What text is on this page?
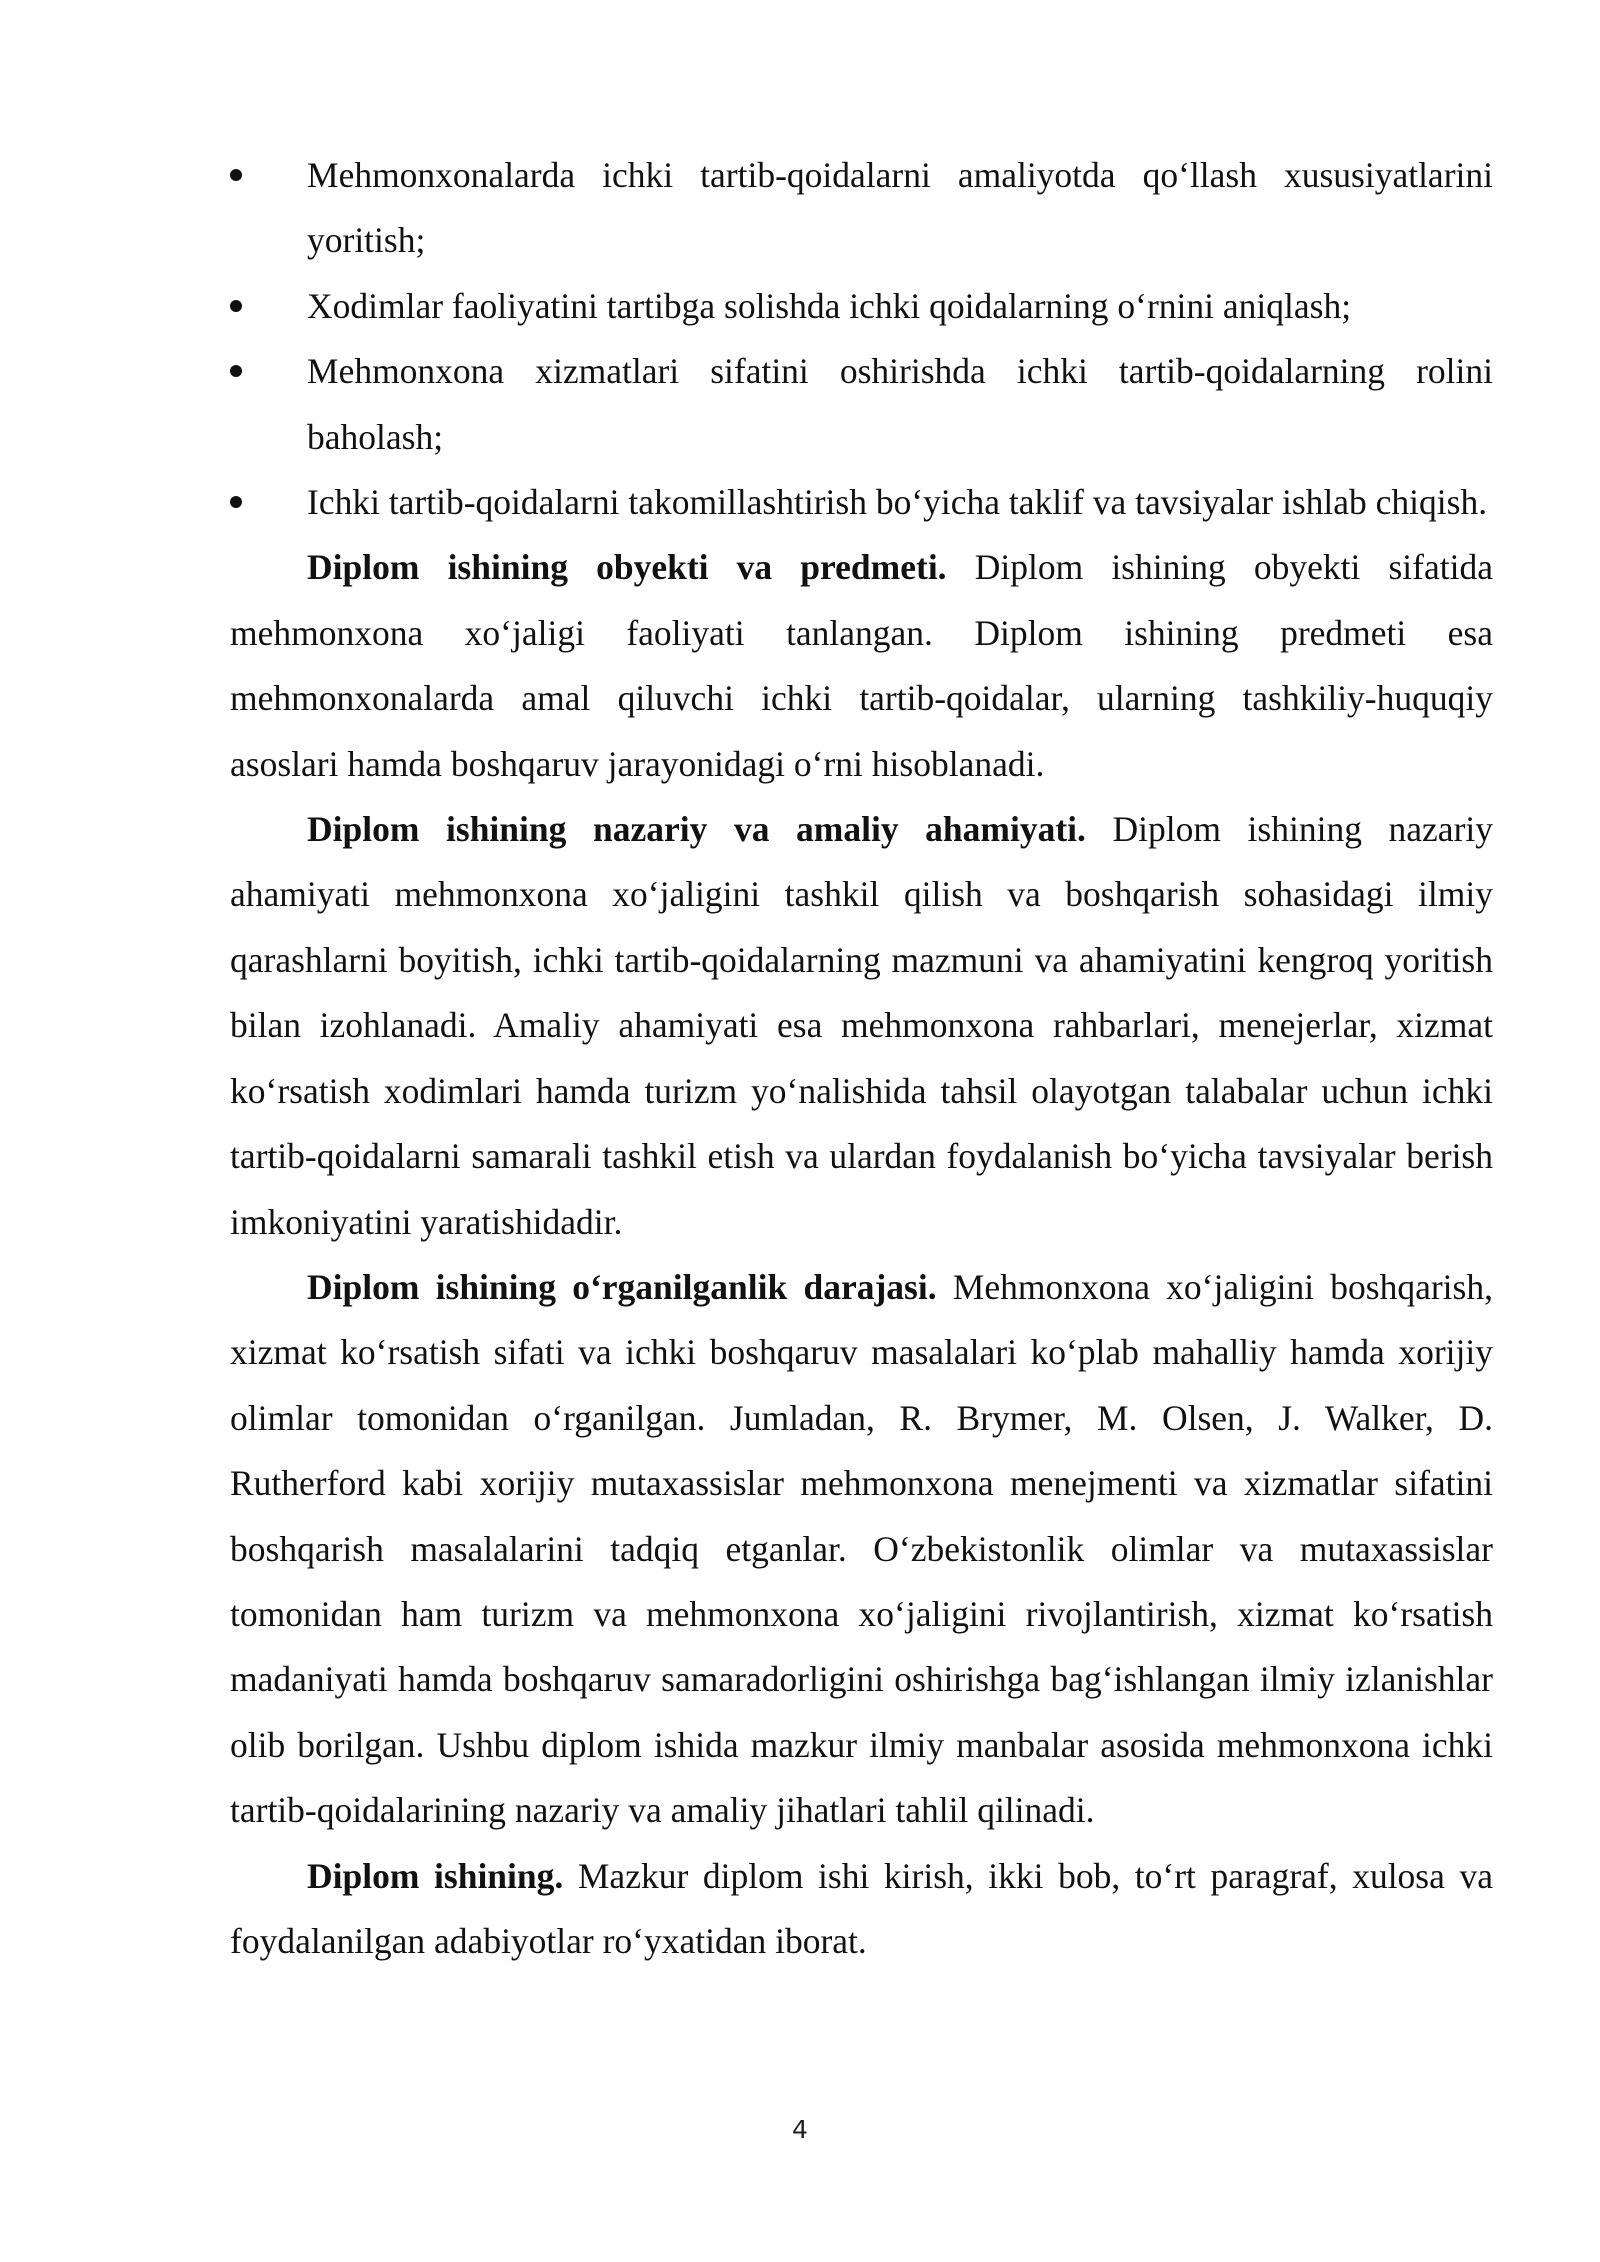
Mehmonxonalarda ichki tartib-qoidalarni amaliyotda qo‘llash xususiyatlarini yoritish;
Xodimlar faoliyatini tartibga solishda ichki qoidalarning o‘rnini aniqlash;
Mehmonxona xizmatlari sifatini oshirishda ichki tartib-qoidalarning rolini baholash;
Ichki tartib-qoidalarni takomillashtirish bo‘yicha taklif va tavsiyalar ishlab chiqish.

Diplom ishining obyekti va predmeti. Diplom ishining obyekti sifatida mehmonxona xo‘jaligi faoliyati tanlangan. Diplom ishining predmeti esa mehmonxonalarda amal qiluvchi ichki tartib-qoidalar, ularning tashkiliy-huquqiy asoslari hamda boshqaruv jarayonidagi o‘rni hisoblanadi.

Diplom ishining nazariy va amaliy ahamiyati. Diplom ishining nazariy ahamiyati mehmonxona xo‘jaligini tashkil qilish va boshqarish sohasidagi ilmiy qarashlarni boyitish, ichki tartib-qoidalarning mazmuni va ahamiyatini kengroq yoritish bilan izohlanadi. Amaliy ahamiyati esa mehmonxona rahbarlari, menejerlar, xizmat ko‘rsatish xodimlari hamda turizm yo‘nalishida tahsil olayotgan talabalar uchun ichki tartib-qoidalarni samarali tashkil etish va ulardan foydalanish bo‘yicha tavsiyalar berish imkoniyatini yaratishidadir.

Diplom ishining o‘rganilganlik darajasi. Mehmonxona xo‘jaligini boshqarish, xizmat ko‘rsatish sifati va ichki boshqaruv masalalari ko‘plab mahalliy hamda xorijiy olimlar tomonidan o‘rganilgan. Jumladan, R. Brymer, M. Olsen, J. Walker, D. Rutherford kabi xorijiy mutaxassislar mehmonxona menejmenti va xizmatlar sifatini boshqarish masalalarini tadqiq etganlar. O‘zbekistonlik olimlar va mutaxassislar tomonidan ham turizm va mehmonxona xo‘jaligini rivojlantirish, xizmat ko‘rsatish madaniyati hamda boshqaruv samaradorligini oshirishga bag‘ishlangan ilmiy izlanishlar olib borilgan. Ushbu diplom ishida mazkur ilmiy manbalar asosida mehmonxona ichki tartib-qoidalarining nazariy va amaliy jihatlari tahlil qilinadi.

Diplom ishining. Mazkur diplom ishi kirish, ikki bob, to‘rt paragraf, xulosa va foydalanilgan adabiyotlar ro‘yxatidan iborat.

4
